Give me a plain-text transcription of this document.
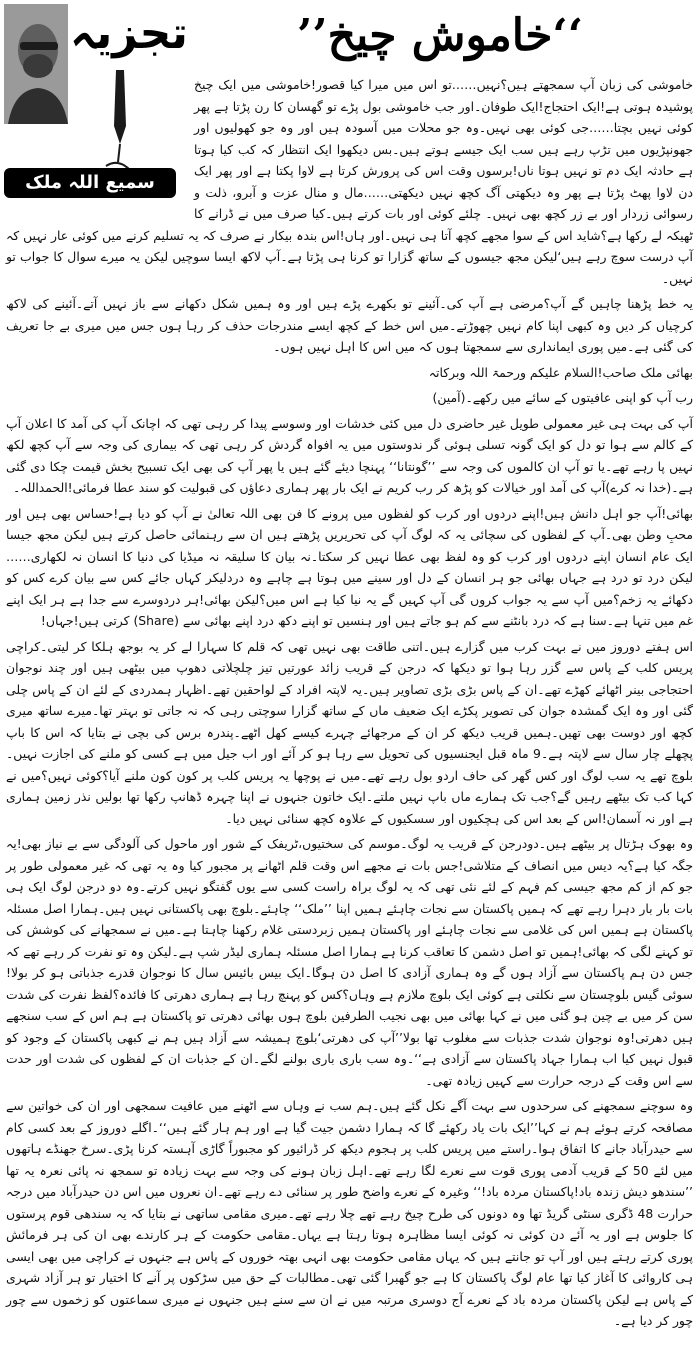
تجزیہ
سمیع اللہ ملک
’’خاموش چیخ‘‘

خاموشی کی زبان آپ سمجھتے ہیں؟نہیں……تو اس میں میرا کیا قصور!خاموشی میں ایک چیخ پوشیدہ ہوتی ہے!ایک احتجاج!ایک طوفان۔اور جب خاموشی بول پڑے تو گھسان کا رن پڑتا ہے پھر کوئی نہیں بچتا……جی کوئی بھی نہیں۔وہ جو محلات میں آسودہ ہیں اور وہ جو کھولیوں اور جھونپڑیوں میں تڑپ رہے ہیں سب ایک جیسے ہوتے ہیں۔بس دیکھوا ایک انتظار کہ کب کیا ہوتا ہے حادثہ ایک دم تو نہیں ہوتا ناں!برسوں وقت اس کی پرورش کرتا ہے لاوا پکتا ہے اور پھر ایک دن لاوا پھٹ پڑتا ہے پھر وہ دیکھتی آگ کچھ نہیں دیکھتی……مال و منال عزت و آبرو، ذلت و رسوائی زردار اور بے زر کچھ بھی نہیں۔ چلئے کوئی اور بات کرتے ہیں۔کیا صرف میں نے ڈرانے کا ٹھیکہ لے رکھا ہے؟شاید اس کے سوا مجھے کچھ آتا ہی نہیں۔اور ہاں!اس بندہ بیکار نے صرف کہ یہ تسلیم کرنے میں کوئی عار نہیں کہ آپ درست سوچ رہے ہیں‘لیکن مجھ جیسوں کے ساتھ گزارا تو کرنا ہی پڑتا ہے۔آپ لاکھ ایسا سوچیں لیکن یہ میرے سوال کا جواب تو نہیں۔

یہ خط پڑھنا چاہیں گے آپ؟مرضی ہے آپ کی۔آئینے تو بکھرے پڑے ہیں اور وہ ہمیں شکل دکھانے سے باز نہیں آتے۔آئینے کی لاکھ کرچیاں کر دیں وہ کبھی اپنا کام نہیں چھوڑتے۔میں اس خط کے کچھ ایسے مندرجات حذف کر رہا ہوں جس میں میری بے جا تعریف کی گئی ہے۔میں پوری ایمانداری سے سمجھتا ہوں کہ میں اس کا اہل نہیں ہوں۔

بھائی ملک صاحب!السلام علیکم ورحمۃ اللہ وبرکاتہ

رب آپ کو اپنی عافیتوں کے سائے میں رکھے۔(آمین)

آپ کی بہت ہی غیر معمولی طویل غیر حاضری دل میں کئی خدشات اور وسوسے پیدا کر رہی تھی کہ اچانک آپ کی آمد کا اعلان آپ کے کالم سے ہوا تو دل کو ایک گونہ تسلی ہوئی گر ندوستوں میں یہ افواہ گردش کر رہی تھی کہ بیماری کی وجہ سے آپ کچھ لکھ نہیں پا رہے تھے۔یا تو آپ ان کالموں کی وجہ سے ’’گونتانا‘‘ پہنچا دیئے گئے ہیں یا پھر آپ کی بھی ایک تسبیح بخش قیمت چکا دی گئی ہے۔(خدا نہ کرے)آپ کی آمد اور خیالات کو پڑھ کر رب کریم نے ایک بار پھر ہماری دعاؤں کی قبولیت کو سند عطا فرمائی!الحمداللہ۔

بھائی!آپ جو اہل دانش ہیں!اپنے دردوں اور کرب کو لفظوں میں پرونے کا فن بھی اللہ تعالیٰ نے آپ کو دیا ہے!حساس بھی ہیں اور محبِ وطن بھی۔آپ کے لفظوں کی سچائی یہ کہ لوگ آپ کی تحریریں پڑھتے ہیں ان سے رہنمائی حاصل کرتے ہیں لیکن مجھ جیسا ایک عام انسان اپنے دردوں اور کرب کو وہ لفظ بھی عطا نہیں کر سکتا۔نہ بیان کا سلیقہ نہ میڈیا کی دنیا کا انسان نہ لکھاری……لیکن درد تو درد ہے جہاں بھائی جو ہر انسان کے دل اور سینے میں ہوتا ہے چاہے وہ دردلیکر کہاں جائے کس سے بیان کرے کس کو دکھائے یہ زخم؟میں آپ سے یہ جواب کروں گی آپ کہیں گے یہ نیا کیا ہے اس میں؟لیکن بھائی!ہر دردوسرے سے جدا ہے ہر ایک اپنے غم میں تنہا ہے۔سنا ہے کہ درد بانٹنے سے کم ہو جاتے ہیں اور ہنسیں تو اپنے دکھ درد اپنے بھائی سے (Share) کرتی ہیں!جہاں!

اس ہفتے دوروز میں نے بہت کرب میں گزارے ہیں۔اتنی طاقت بھی نہیں تھی کہ قلم کا سہارا لے کر یہ بوجھ ہلکا کر لیتی۔کراچی پریس کلب کے پاس سے گزر رہا ہوا تو دیکھا کہ درجن کے قریب زائد عورتیں تیز چلچلاتی دھوپ میں بیٹھی ہیں اور چند نوجوان احتجاجی بینر اٹھائے کھڑے تھے۔ان کے پاس بڑی بڑی تصاویر ہیں۔یہ لاپتہ افراد کے لواحقین تھے۔اظہار ہمدردی کے لئے ان کے پاس چلی گئی اور وہ ایک گمشدہ جوان کی تصویر پکڑے ایک ضعیف ماں کے ساتھ گزارا سوچتی رہی کہ نہ جاتی تو بہتر تھا۔میرے ساتھ میری کچھ اور دوست بھی تھیں۔ہمیں قریب دیکھ کر ان کے مرجھائے چہرے کیسے کھل اٹھے۔پندرہ برس کی بچی نے بتایا کہ اس کا باپ پچھلے چار سال سے لاپتہ ہے۔9 ماہ قبل ایجنسیوں کی تحویل سے رہا ہو کر آئے اور اب جیل میں ہے کسی کو ملنے کی اجازت نہیں۔بلوچ تھے یہ سب لوگ اور کس گھر کی حاف اردو بول رہے تھے۔میں نے پوچھا یہ پریس کلب پر کون کون ملنے آیا؟کوئی نہیں؟میں نے کہا کب تک بیٹھے رہیں گے؟جب تک ہمارے ماں باپ نہیں ملتے۔ایک خاتون جنہوں نے اپنا چہرہ ڈھانپ رکھا تھا بولیں نذر زمین ہماری ہے اور نہ آسمان!اس کے بعد اس کی ہچکیوں اور سسکیوں کے علاوہ کچھ سنائی نہیں دیا۔

وہ بھوک ہڑتال پر بیٹھے ہیں۔دودرجن کے قریب یہ لوگ۔موسم کی سختیوں،ٹریفک کے شور اور ماحول کی آلودگی سے بے نیاز بھی!یہ جگہ کیا ہے؟یہ دیس میں انصاف کے متلاشی!جس بات نے مجھے اس وقت قلم اٹھانے پر مجبور کیا وہ یہ تھی کہ غیر معمولی طور پر جو کم از کم مجھ جیسی کم فہم کے لئے نئی تھی کہ یہ لوگ براہ راست کسی سے یوں گفتگو نہیں کرتے۔وہ دو درجن لوگ ایک ہی بات بار بار دہرا رہے تھے کہ ہمیں پاکستان سے نجات چاہئے ہمیں اپنا ’’ملک‘‘ چاہئے۔بلوچ بھی پاکستانی نہیں ہیں۔ہمارا اصل مسئلہ پاکستان ہے ہمیں اس کی غلامی سے نجات چاہئے اور پاکستان ہمیں زبردستی غلام رکھنا چاہتا ہے۔میں نے سمجھانے کی کوشش کی تو کہنے لگی کہ بھائی!ہمیں تو اصل دشمن کا تعاقب کرنا ہے ہمارا اصل مسئلہ ہماری لیڈر شپ ہے۔لیکن وہ تو نفرت کر رہے تھے کہ جس دن ہم پاکستان سے آزاد ہوں گے وہ ہماری آزادی کا اصل دن ہوگا۔ایک بیس بائیس سال کا نوجوان قدرے جذباتی ہو کر بولا!سوئی گیس بلوچستان سے نکلتی ہے کوئی ایک بلوچ ملازم ہے وہاں؟کس کو پہنچ رہا ہے ہماری دھرتی کا فائدہ؟لفظ نفرت کی شدت سن کر میں بے چین ہو گئی میں نے کہا بھائی میں بھی نجیب الطرفین بلوچ ہوں بھائی دھرتی تو پاکستان ہے ہم اس کے سب سنجھے ہیں دھرتی!وہ نوجوان شدت جذبات سے مغلوب تھا بولا’’آپ کی دھرتی‘بلوچ ہمیشہ سے آزاد ہیں ہم نے کبھی پاکستان کے وجود کو قبول نہیں کیا اب ہمارا جہاد پاکستان سے آزادی ہے‘‘۔وہ سب باری باری بولنے لگے۔ان کے جذبات ان کے لفظوں کی شدت اور حدت سے اس وقت کے درجہ حرارت سے کہیں زیادہ تھی۔

وہ سوچنے سمجھنے کی سرحدوں سے بہت آگے نکل گئے ہیں۔ہم سب نے وہاں سے اٹھنے میں عافیت سمجھی اور ان کی خواتین سے مصافحہ کرتے ہوئے ہم نے کہا’’ایک بات یاد رکھئے گا کہ ہمارا دشمن جیت گیا ہے اور ہم ہار گئے ہیں‘‘۔اگلے دوروز کے بعد کسی کام سے حیدرآباد جانے کا اتفاق ہوا۔راستے میں پریس کلب پر ہجوم دیکھ کر ڈرائیور کو مجبوراً گاڑی آہستہ کرنا پڑی۔سرخ جھنڈے ہاتھوں میں لئے 50 کے قریب آدمی پوری قوت سے نعرے لگا رہے تھے۔اہل زبان ہونے کی وجہ سے بہت زیادہ تو سمجھ نہ پائی نعرہ یہ تھا ’’سندھو دیش زندہ باد!پاکستان مردہ باد!‘‘ وغیرہ کے نعرے واضح طور پر سنائی دے رہے تھے۔ان نعروں میں اس دن حیدرآباد میں درجہ حرارت 48 ڈگری سنٹی گریڈ تھا وہ دونوں کی طرح چیخ رہے تھے چلا رہے تھے۔میری مقامی ساتھی نے بتایا کہ یہ سندھی قوم پرستوں کا جلوس ہے اور یہ آئے دن کوئی نہ کوئی ایسا مظاہرہ ہوتا رہتا ہے یہاں۔مقامی حکومت کے ہر کارندے بھی ان کی ہر فرمائش پوری کرتے رہتے ہیں اور آپ تو جانتے ہیں کہ یہاں مقامی حکومت بھی انہی بھتہ خوروں کے پاس ہے جنہوں نے کراچی میں بھی ایسی ہی کاروائی کا آغاز کیا تھا عام لوگ پاکستان کا ہے جو گھبرا گئی تھی۔مطالبات کے حق میں سڑکوں پر آنے کا اختیار تو ہر آزاد شہری کے پاس ہے لیکن پاکستان مردہ باد کے نعرے آج دوسری مرتبہ میں نے ان سے سنے ہیں جنہوں نے میری سماعتوں کو زخموں سے چور چور کر دیا ہے۔
